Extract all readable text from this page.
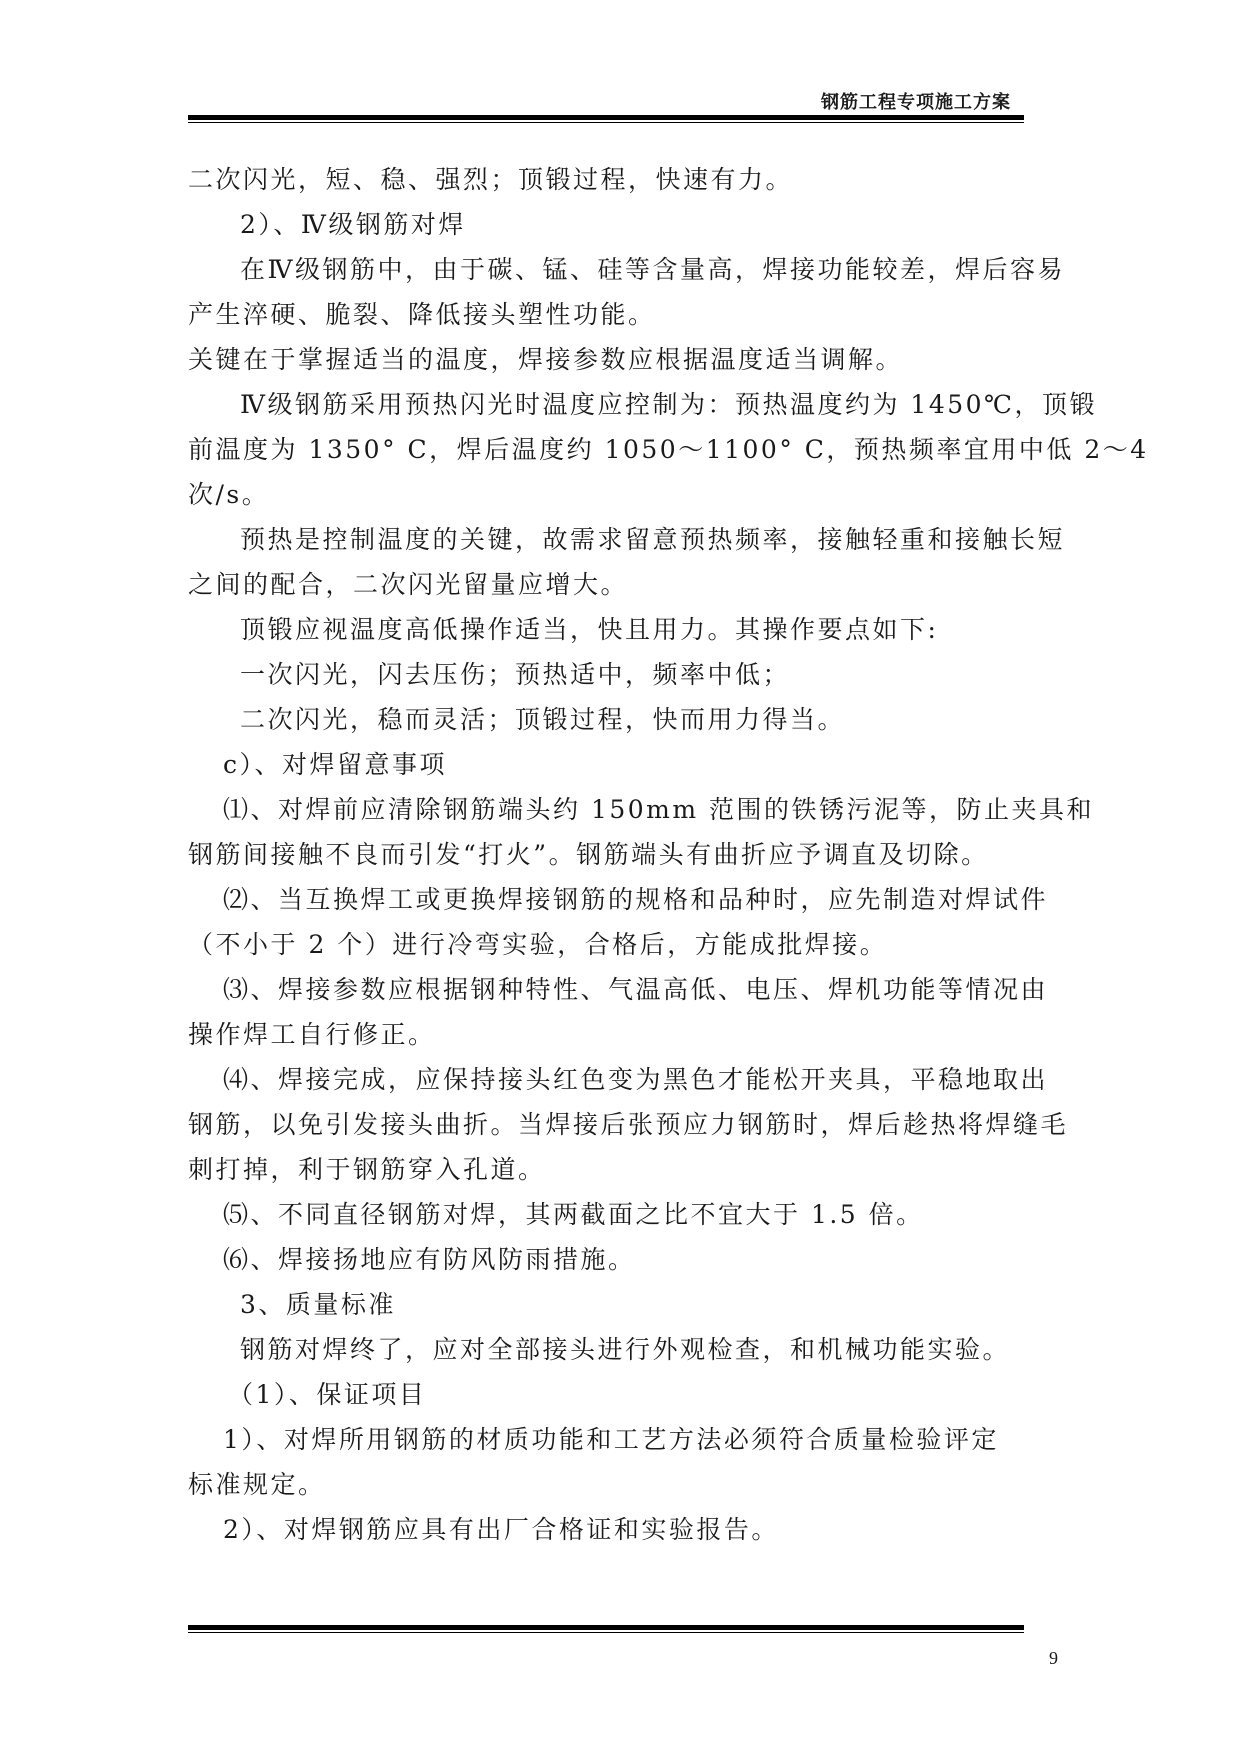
钢筋工程专项施工方案
二次闪光，短、稳、强烈；顶锻过程，快速有力。
2）、Ⅳ级钢筋对焊
在Ⅳ级钢筋中，由于碳、锰、硅等含量高，焊接功能较差，焊后容易
产生淬硬、脆裂、降低接头塑性功能。
关键在于掌握适当的温度，焊接参数应根据温度适当调解。
Ⅳ级钢筋采用预热闪光时温度应控制为：预热温度约为 1450℃，顶锻
前温度为 1350° C，焊后温度约 1050～1100° C，预热频率宜用中低 2～4
次/s。
预热是控制温度的关键，故需求留意预热频率，接触轻重和接触长短
之间的配合，二次闪光留量应增大。
顶锻应视温度高低操作适当，快且用力。其操作要点如下:
一次闪光，闪去压伤；预热适中，频率中低；
二次闪光，稳而灵活；顶锻过程，快而用力得当。
c）、对焊留意事项
⑴、对焊前应清除钢筋端头约 150mm 范围的铁锈污泥等，防止夹具和
钢筋间接触不良而引发“打火”。钢筋端头有曲折应予调直及切除。
⑵、当互换焊工或更换焊接钢筋的规格和品种时，应先制造对焊试件
（不小于 2 个）进行冷弯实验，合格后，方能成批焊接。
⑶、焊接参数应根据钢种特性、气温高低、电压、焊机功能等情况由
操作焊工自行修正。
⑷、焊接完成，应保持接头红色变为黑色才能松开夹具，平稳地取出
钢筋，以免引发接头曲折。当焊接后张预应力钢筋时，焊后趁热将焊缝毛
刺打掉，利于钢筋穿入孔道。
⑸、不同直径钢筋对焊，其两截面之比不宜大于 1.5 倍。
⑹、焊接扬地应有防风防雨措施。
3、质量标准
钢筋对焊终了，应对全部接头进行外观检查，和机械功能实验。
（1）、保证项目
1）、对焊所用钢筋的材质功能和工艺方法必须符合质量检验评定
标准规定。
2）、对焊钢筋应具有出厂合格证和实验报告。
9
